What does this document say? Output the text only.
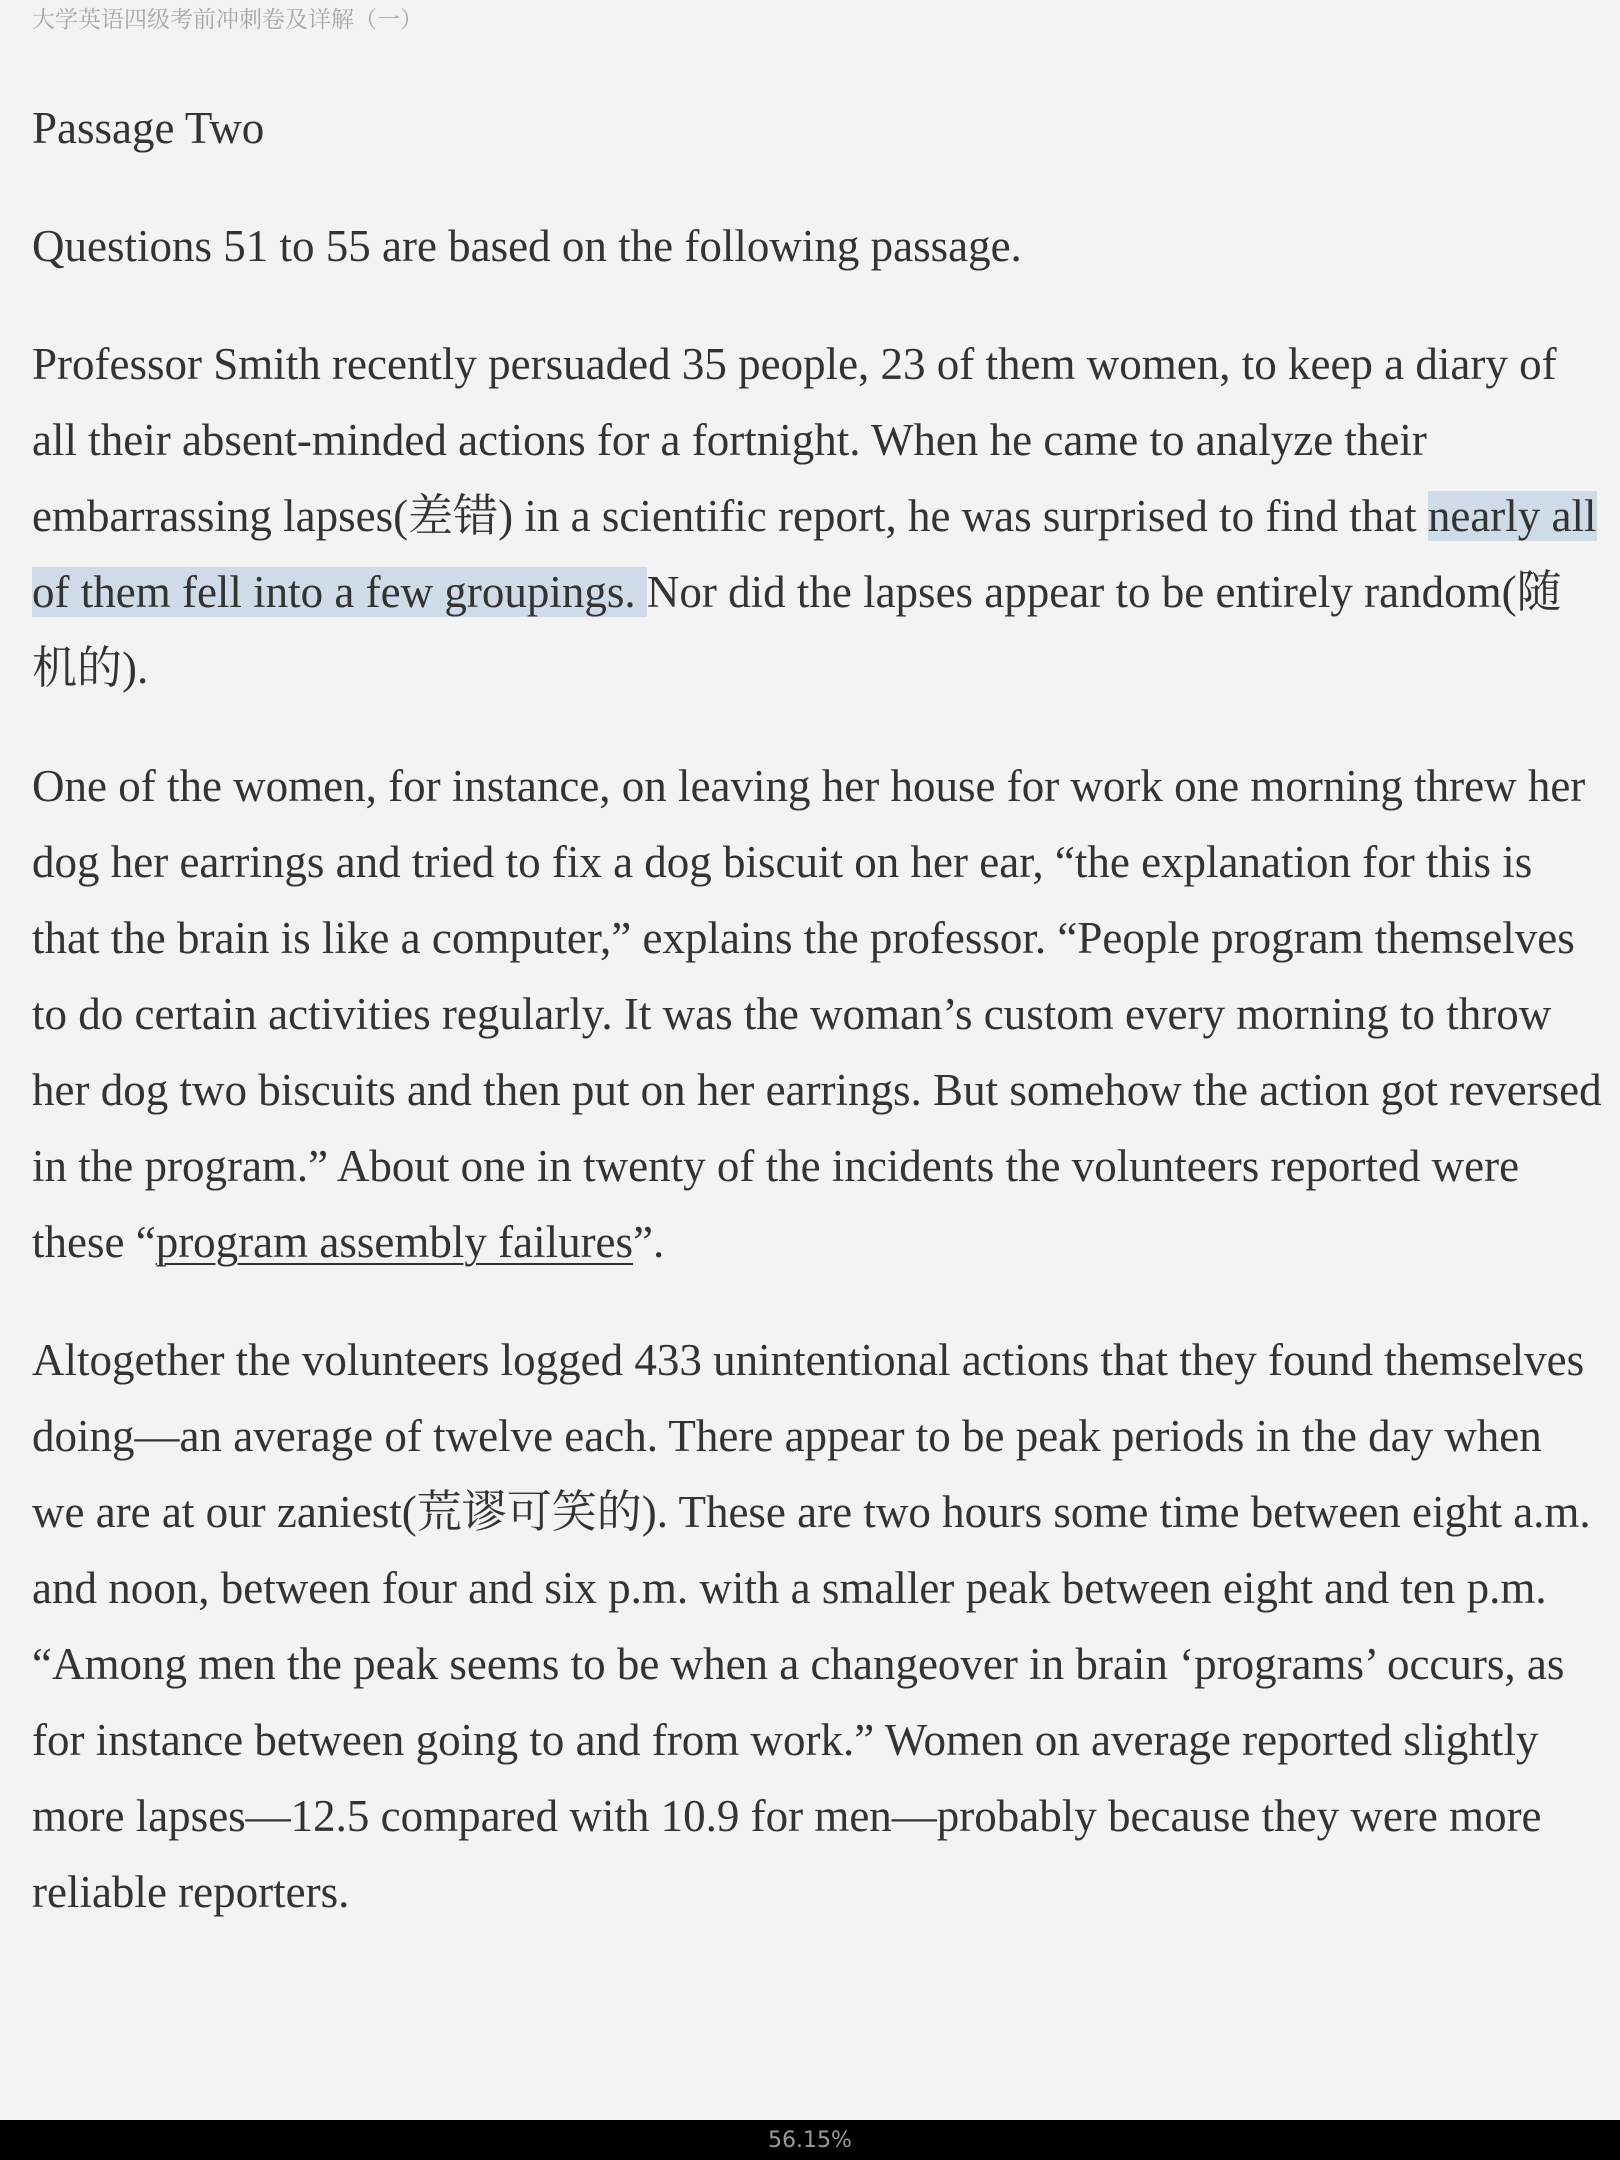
大学英语四级考前冲刺卷及详解（一）
Passage Two

Questions 51 to 55 are based on the following passage.

Professor Smith recently persuaded 35 people, 23 of them women, to keep a diary of all their absent-minded actions for a fortnight. When he came to analyze their embarrassing lapses(差错) in a scientific report, he was surprised to find that nearly all of them fell into a few groupings. Nor did the lapses appear to be entirely random(随机的).

One of the women, for instance, on leaving her house for work one morning threw her dog her earrings and tried to fix a dog biscuit on her ear, “the explanation for this is that the brain is like a computer,” explains the professor. “People program themselves to do certain activities regularly. It was the woman’s custom every morning to throw her dog two biscuits and then put on her earrings. But somehow the action got reversed in the program.” About one in twenty of the incidents the volunteers reported were these “program assembly failures”.

Altogether the volunteers logged 433 unintentional actions that they found themselves doing—an average of twelve each. There appear to be peak periods in the day when we are at our zaniest(荒谬可笑的). These are two hours some time between eight a.m. and noon, between four and six p.m. with a smaller peak between eight and ten p.m. “Among men the peak seems to be when a changeover in brain ‘programs’ occurs, as for instance between going to and from work.” Women on average reported slightly more lapses—12.5 compared with 10.9 for men—probably because they were more reliable reporters.

56.15%
